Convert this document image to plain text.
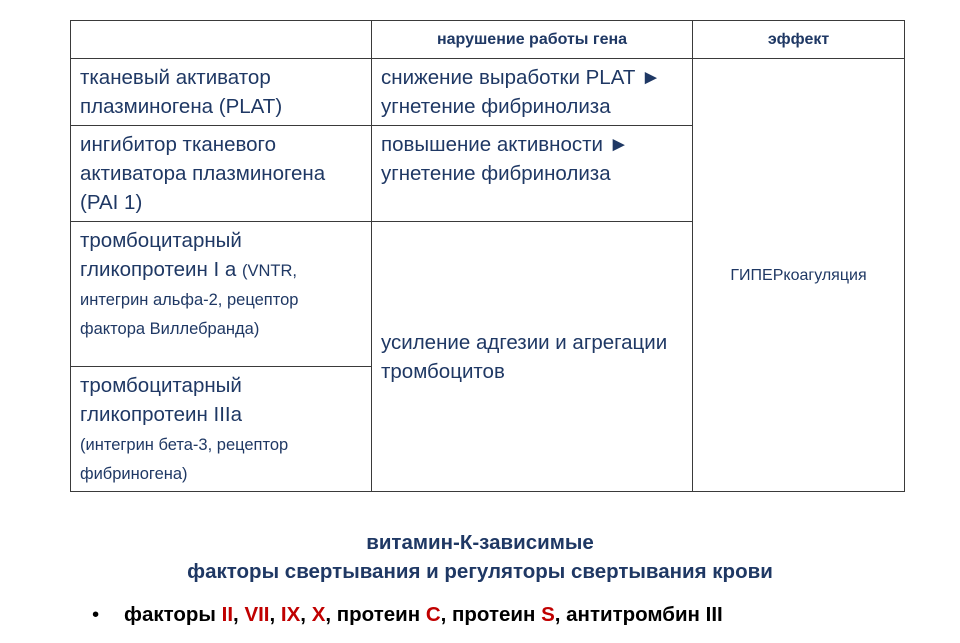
	нарушение работы гена	эффект
тканевый активатор плазминогена (PLAT)	снижение выработки PLAT ► угнетение фибринолиза	ГИПЕРкоагуляция
ингибитор тканевого активатора плазминогена (PAI 1)	повышение активности ► угнетение фибринолиза	
тромбоцитарный гликопротеин I а (VNTR,
интегрин альфа-2, рецептор фактора Виллебранда)	усиление адгезии и агрегации тромбоцитов	
тромбоцитарный гликопротеин IIIa
(интегрин бета-3, рецептор фибриногена)		
витамин-К-зависимые
факторы свертывания и регуляторы свертывания крови
• факторы II, VII, IX, X, протеин C, протеин S, антитромбин III
